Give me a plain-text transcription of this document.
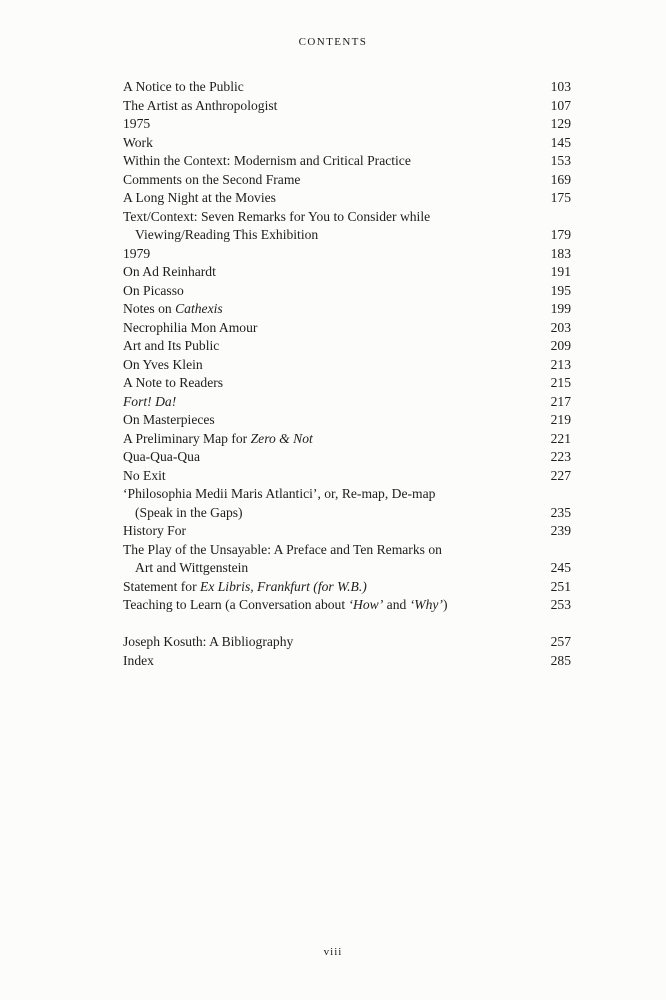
CONTENTS
A Notice to the Public	103
The Artist as Anthropologist	107
1975	129
Work	145
Within the Context: Modernism and Critical Practice	153
Comments on the Second Frame	169
A Long Night at the Movies	175
Text/Context: Seven Remarks for You to Consider while
Viewing/Reading This Exhibition	179
1979	183
On Ad Reinhardt	191
On Picasso	195
Notes on Cathexis	199
Necrophilia Mon Amour	203
Art and Its Public	209
On Yves Klein	213
A Note to Readers	215
Fort! Da!	217
On Masterpieces	219
A Preliminary Map for Zero & Not	221
Qua-Qua-Qua	223
No Exit	227
‘Philosophia Medii Maris Atlantici’, or, Re-map, De-map
(Speak in the Gaps)	235
History For	239
The Play of the Unsayable: A Preface and Ten Remarks on
Art and Wittgenstein	245
Statement for Ex Libris, Frankfurt (for W.B.)	251
Teaching to Learn (a Conversation about ‘How’ and ‘Why’)	253
Joseph Kosuth: A Bibliography	257
Index	285
viii
